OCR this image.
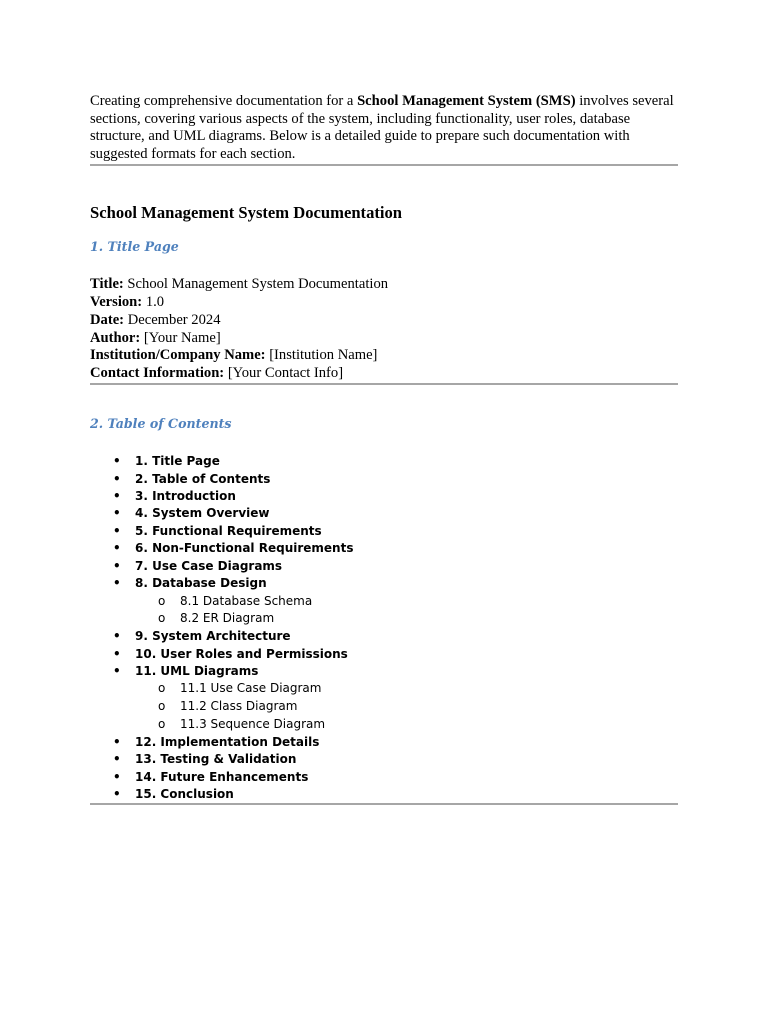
Creating comprehensive documentation for a School Management System (SMS) involves several sections, covering various aspects of the system, including functionality, user roles, database structure, and UML diagrams. Below is a detailed guide to prepare such documentation with suggested formats for each section.

School Management System Documentation
1. Title Page
Title: School Management System Documentation
Version: 1.0
Date: December 2024
Author: [Your Name]
Institution/Company Name: [Institution Name]
Contact Information: [Your Contact Info]
2. Table of Contents
• 1. Title Page
• 2. Table of Contents
• 3. Introduction
• 4. System Overview
• 5. Functional Requirements
• 6. Non-Functional Requirements
• 7. Use Case Diagrams
• 8. Database Design
o 8.1 Database Schema
o 8.2 ER Diagram
• 9. System Architecture
• 10. User Roles and Permissions
• 11. UML Diagrams
o 11.1 Use Case Diagram
o 11.2 Class Diagram
o 11.3 Sequence Diagram
• 12. Implementation Details
• 13. Testing & Validation
• 14. Future Enhancements
• 15. Conclusion
